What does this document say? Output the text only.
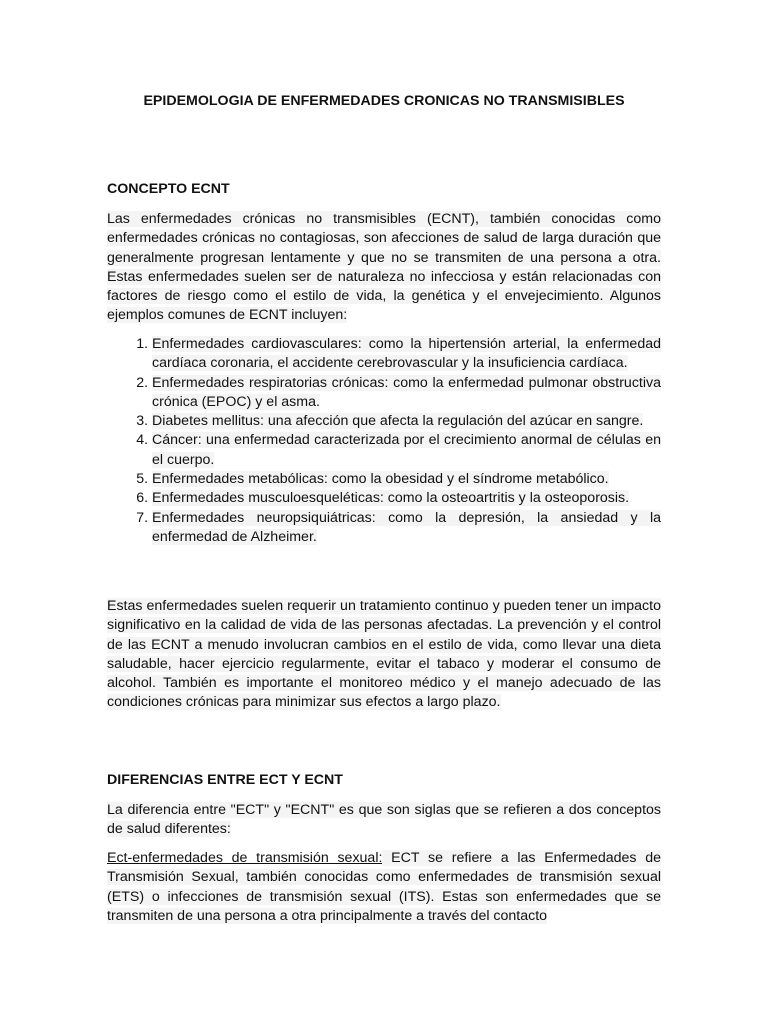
EPIDEMOLOGIA DE ENFERMEDADES CRONICAS NO TRANSMISIBLES
CONCEPTO ECNT

Las enfermedades crónicas no transmisibles (ECNT), también conocidas como enfermedades crónicas no contagiosas, son afecciones de salud de larga duración que generalmente progresan lentamente y que no se transmiten de una persona a otra. Estas enfermedades suelen ser de naturaleza no infecciosa y están relacionadas con factores de riesgo como el estilo de vida, la genética y el envejecimiento. Algunos ejemplos comunes de ECNT incluyen:

1. Enfermedades cardiovasculares: como la hipertensión arterial, la enfermedad cardíaca coronaria, el accidente cerebrovascular y la insuficiencia cardíaca.
2. Enfermedades respiratorias crónicas: como la enfermedad pulmonar obstructiva crónica (EPOC) y el asma.
3. Diabetes mellitus: una afección que afecta la regulación del azúcar en sangre.
4. Cáncer: una enfermedad caracterizada por el crecimiento anormal de células en el cuerpo.
5. Enfermedades metabólicas: como la obesidad y el síndrome metabólico.
6. Enfermedades musculoesqueléticas: como la osteoartritis y la osteoporosis.
7. Enfermedades neuropsiquiátricas: como la depresión, la ansiedad y la enfermedad de Alzheimer.

Estas enfermedades suelen requerir un tratamiento continuo y pueden tener un impacto significativo en la calidad de vida de las personas afectadas. La prevención y el control de las ECNT a menudo involucran cambios en el estilo de vida, como llevar una dieta saludable, hacer ejercicio regularmente, evitar el tabaco y moderar el consumo de alcohol. También es importante el monitoreo médico y el manejo adecuado de las condiciones crónicas para minimizar sus efectos a largo plazo.

DIFERENCIAS ENTRE ECT Y ECNT

La diferencia entre "ECT" y "ECNT" es que son siglas que se refieren a dos conceptos de salud diferentes:

Ect-enfermedades de transmisión sexual: ECT se refiere a las Enfermedades de Transmisión Sexual, también conocidas como enfermedades de transmisión sexual (ETS) o infecciones de transmisión sexual (ITS). Estas son enfermedades que se transmiten de una persona a otra principalmente a través del contacto
